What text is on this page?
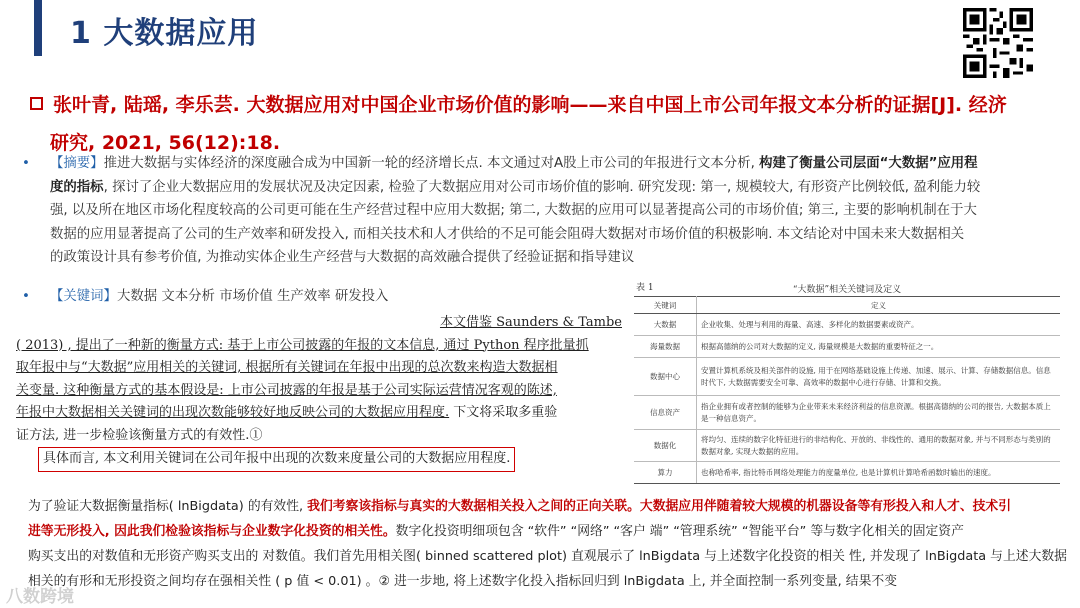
1 大数据应用
张叶青, 陆瑶, 李乐芸. 大数据应用对中国企业市场价值的影响——来自中国上市公司年报文本分析的证据[J]. 经济
研究, 2021, 56(12):18.
• 【摘要】推进大数据与实体经济的深度融合成为中国新一轮的经济增长点. 本文通过对A股上市公司的年报进行文本分析, 构建了衡量公司层面“大数据”应用程
度的指标, 探讨了企业大数据应用的发展状况及决定因素, 检验了大数据应用对公司市场价值的影响. 研究发现: 第一, 规模较大, 有形资产比例较低, 盈利能力较
强, 以及所在地区市场化程度较高的公司更可能在生产经营过程中应用大数据; 第二, 大数据的应用可以显著提高公司的市场价值; 第三, 主要的影响机制在于大
数据的应用显著提高了公司的生产效率和研发投入, 而相关技术和人才供给的不足可能会阻碍大数据对市场价值的积极影响. 本文结论对中国未来大数据相关
的政策设计具有参考价值, 为推动实体企业生产经营与大数据的高效融合提供了经验证据和指导建议
• 【关键词】大数据 文本分析 市场价值 生产效率 研发投入
本文借鉴 Saunders & Tambe
( 2013) , 提出了一种新的衡量方式: 基于上市公司披露的年报的文本信息, 通过 Python 程序批量抓
取年报中与“大数据”应用相关的关键词, 根据所有关键词在年报中出现的总次数来构造大数据相
关变量. 这种衡量方式的基本假设是: 上市公司披露的年报是基于公司实际运营情况客观的陈述,
年报中大数据相关关键词的出现次数能够较好地反映公司的大数据应用程度. 下文将采取多重验
证方法, 进一步检验该衡量方式的有效性.①
具体而言, 本文利用关键词在公司年报中出现的次数来度量公司的大数据应用程度.
表 1	“大数据”相关关键词及定义
关键词	定义
大数据	企业收集、处理与利用的海量、高速、多样化的数据要素或资产。
海量数据	根据高德纳的公司对大数据的定义, 海量规模是大数据的重要特征之一。
数据中心	安置计算机系统及相关部件的设施, 用于在网络基础设施上传递、加速、展示、计算、存储数据信息。信息时代下, 大数据需要安全可靠、高效率的数据中心进行存储、计算和交换。
信息资产	指企业拥有或者控制的能够为企业带来未来经济利益的信息资源。根据高德纳的公司的报告, 大数据本质上是一种信息资产。
数据化	将均匀、连续的数字化特征进行的非结构化、开放的、非线性的、通用的数据对象, 并与不同形态与类别的数据对象, 实现大数据的应用。
算力	也称哈希率, 指比特币网络处理能力的度量单位, 也是计算机计算哈希函数时输出的速度。
为了验证大数据衡量指标( lnBigdata) 的有效性, 我们考察该指标与真实的大数据相关投入之间的正向关联。大数据应用伴随着较大规模的机器设备等有形投入和人才、技术引
进等无形投入, 因此我们检验该指标与企业数字化投资的相关性。数字化投资明细项包含 “软件” “网络” “客户 端” “管理系统” “智能平台” 等与数字化相关的固定资产
购买支出的对数值和无形资产购买支出的 对数值。我们首先用相关图( binned scattered plot) 直观展示了 lnBigdata 与上述数字化投资的相关 性, 并发现了 lnBigdata 与上述大数据
相关的有形和无形投资之间均存在强相关性 ( p 值 < 0.01) 。② 进一步地, 将上述数字化投入指标回归到 lnBigdata 上, 并全面控制一系列变量, 结果不变
八数跨境
